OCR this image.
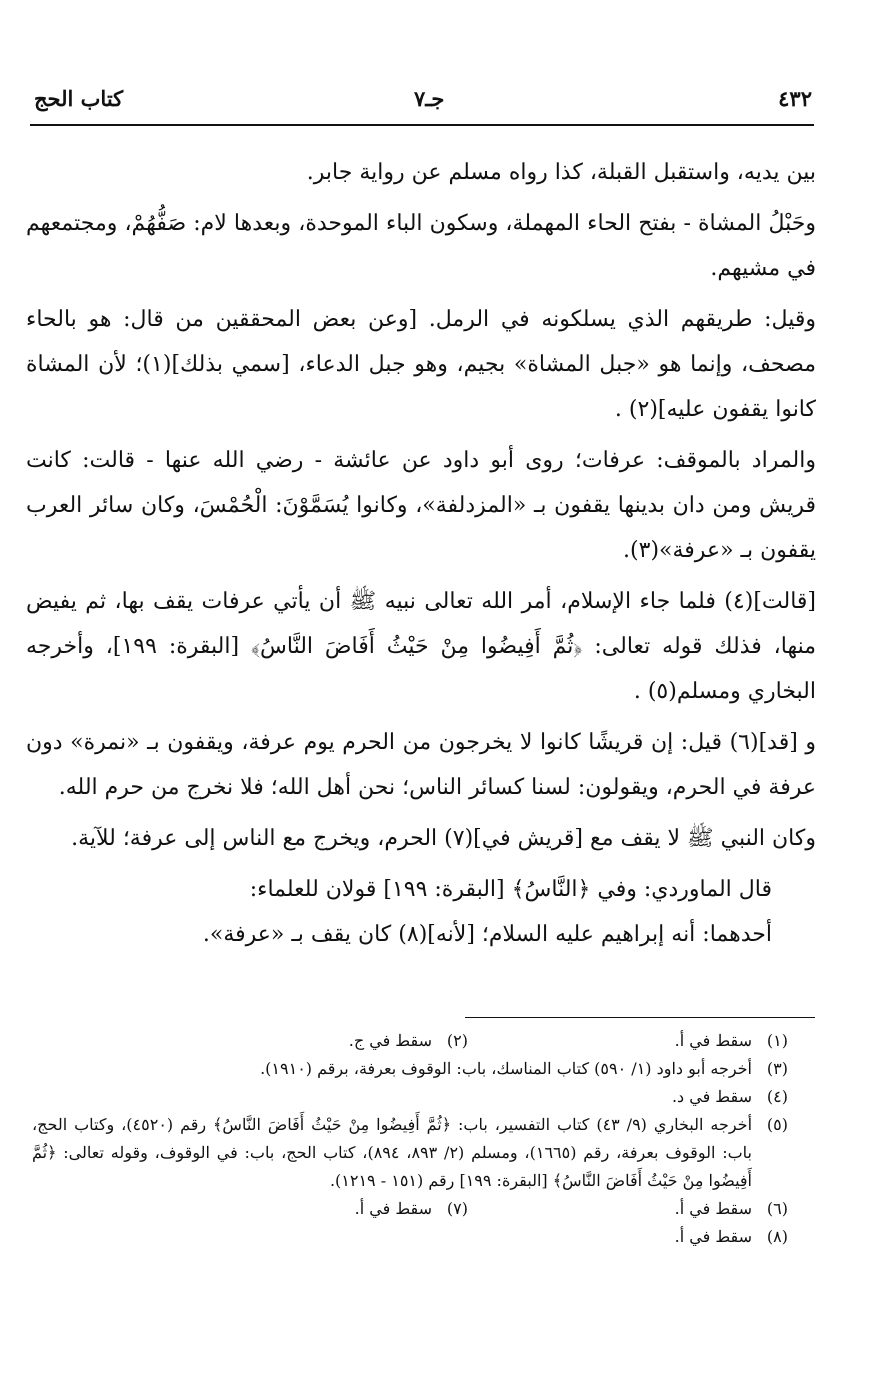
٤٣٢
جـ٧
كتاب الحج

بين يديه، واستقبل القبلة، كذا رواه مسلم عن رواية جابر.

وحَبْلُ المشاة - بفتح الحاء المهملة، وسكون الباء الموحدة، وبعدها لام: صَفُّهُمْ، ومجتمعهم في مشيهم.

وقيل: طريقهم الذي يسلكونه في الرمل. [وعن بعض المحققين من قال: هو بالحاء مصحف، وإنما هو «جبل المشاة» بجيم، وهو جبل الدعاء، [سمي بذلك](١)؛ لأن المشاة كانوا يقفون عليه](٢) .

والمراد بالموقف: عرفات؛ روى أبو داود عن عائشة - رضي الله عنها - قالت: كانت قريش ومن دان بدينها يقفون بـ «المزدلفة»، وكانوا يُسَمَّوْنَ: الْحُمْسَ، وكان سائر العرب يقفون بـ «عرفة»(٣).

[قالت](٤) فلما جاء الإسلام، أمر الله تعالى نبيه ﷺ أن يأتي عرفات يقف بها، ثم يفيض منها، فذلك قوله تعالى: ﴿ثُمَّ أَفِيضُوا مِنْ حَيْثُ أَفَاضَ النَّاسُ﴾ [البقرة: ١٩٩]، وأخرجه البخاري ومسلم(٥) .

و [قد](٦) قيل: إن قريشًا كانوا لا يخرجون من الحرم يوم عرفة، ويقفون بـ «نمرة» دون عرفة في الحرم، ويقولون: لسنا كسائر الناس؛ نحن أهل الله؛ فلا نخرج من حرم الله.

وكان النبي ﷺ لا يقف مع [قريش في](٧) الحرم، ويخرج مع الناس إلى عرفة؛ للآية.

قال الماوردي: وفي ﴿النَّاسُ﴾ [البقرة: ١٩٩] قولان للعلماء:

أحدهما: أنه إبراهيم عليه السلام؛ [لأنه](٨) كان يقف بـ «عرفة».

(١)
سقط في أ.
(٢)
سقط في ج.
(٣)
أخرجه أبو داود (١/ ٥٩٠) كتاب المناسك، باب: الوقوف بعرفة، برقم (١٩١٠).
(٤)
سقط في د.
(٥)
أخرجه البخاري (٩/ ٤٣) كتاب التفسير، باب: ﴿ثُمَّ أَفِيضُوا مِنْ حَيْثُ أَفَاضَ النَّاسُ﴾ رقم (٤٥٢٠)، وكتاب الحج، باب: الوقوف بعرفة، رقم (١٦٦٥)، ومسلم (٢/ ٨٩٣، ٨٩٤)، كتاب الحج، باب: في الوقوف، وقوله تعالى: ﴿ثُمَّ أَفِيضُوا مِنْ حَيْثُ أَفَاضَ النَّاسُ﴾ [البقرة: ١٩٩] رقم (١٥١ - ١٢١٩).
(٦)
سقط في أ.
(٧)
سقط في أ.
(٨)
سقط في أ.
